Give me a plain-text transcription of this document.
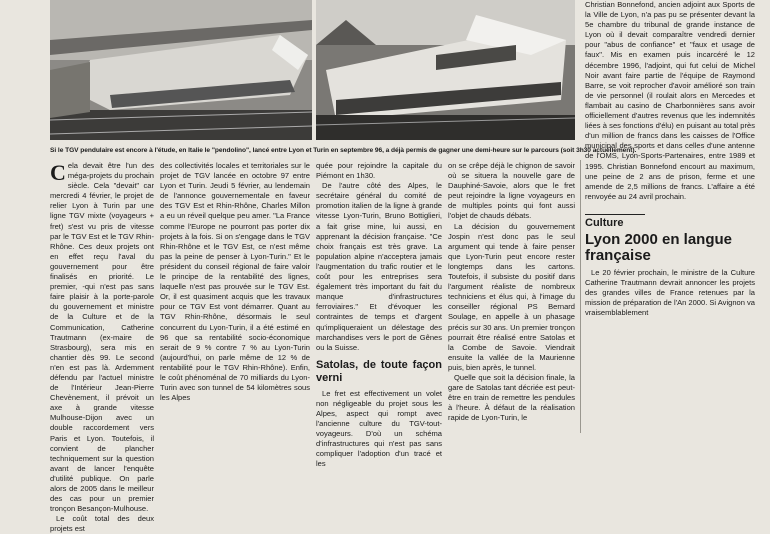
Si le TGV pendulaire est encore à l'étude, en Italie le "pendolino", lancé entre Lyon et Turin en septembre 96, a déjà permis de gagner une demi-heure sur le parcours (soit 3h30 actuellement).
C ela devait être l'un des méga-projets du prochain siècle. Cela "devait" car mercredi 4 février, le projet de relier Lyon à Turin par une ligne TGV mixte (voyageurs + fret) s'est vu pris de vitesse par le TGV Est et le TGV Rhin-Rhône. Ces deux projets ont en effet reçu l'aval du gouvernement pour être finalisés en priorité. Le premier, -qui n'est pas sans faire plaisir à la porte-parole du gouvernement et ministre de la Culture et de la Communication, Catherine Trautmann (ex-maire de Strasbourg), sera mis en chantier dès 99. Le second n'en est pas là. Ardemment défendu par l'actuel ministre de l'Intérieur Jean-Pierre Chevènement, il prévoit un axe à grande vitesse Mulhouse-Dijon avec un double raccordement vers Paris et Lyon. Toutefois, il convient de plancher techniquement sur la question avant de lancer l'enquête d'utilité publique. On parle alors de 2005 dans le meilleur des cas pour un premier tronçon Besançon-Mulhouse.

Le coût total des deux projets est

des collectivités locales et territoriales sur le projet de TGV lancée en octobre 97 entre Lyon et Turin. Jeudi 5 février, au lendemain de l'annonce gouvernementale en faveur des TGV Est et Rhin-Rhône, Charles Millon a eu un réveil quelque peu amer. "La France comme l'Europe ne pourront pas porter dix projets à la fois. Si on s'engage dans le TGV Rhin-Rhône et le TGV Est, ce n'est même pas la peine de penser à Lyon-Turin." Et le président du conseil régional de faire valoir le principe de la rentabilité des lignes, laquelle n'est pas prouvée sur le TGV Est. Or, il est quasiment acquis que les travaux pour ce TGV Est vont démarrer. Quant au TGV Rhin-Rhône, désormais le seul concurrent du Lyon-Turin, il a été estimé en 96 que sa rentabilité socio-économique serait de 9 % contre 7 % au Lyon-Turin (aujourd'hui, on parle même de 12 % de rentabilité pour le TGV Rhin-Rhône). Enfin, le coût phénoménal de 70 milliards du Lyon-Turin avec son tunnel de 54 kilomètres sous les Alpes

quée pour rejoindre la capitale du Piémont en 1h30.

De l'autre côté des Alpes, le secrétaire général du comité de promotion italien de la ligne à grande vitesse Lyon-Turin, Bruno Bottiglieri, a fait grise mine, lui aussi, en apprenant la décision française. "Ce choix français est très grave. La population alpine n'acceptera jamais l'augmentation du trafic routier et le coût pour les entreprises sera également très important du fait du manque d'infrastructures ferroviaires." Et d'évoquer les contraintes de temps et d'argent qu'impliqueraient un délestage des marchandises vers le port de Gênes ou la Suisse.

Satolas, de toute façon verni

Le fret est effectivement un volet non négligeable du projet sous les Alpes, aspect qui rompt avec l'ancienne culture du TGV-tout-voyageurs. D'où un schéma d'infrastructures qui n'est pas sans compliquer l'adoption d'un tracé et les

on se crêpe déjà le chignon de savoir où se situera la nouvelle gare de Dauphiné-Savoie, alors que le fret peut rejoindre la ligne voyageurs en de multiples points qui font aussi l'objet de chauds débats.

La décision du gouvernement Jospin n'est donc pas le seul argument qui tende à faire penser que Lyon-Turin peut encore rester longtemps dans les cartons. Toutefois, il subsiste du positif dans l'argument réaliste de nombreux techniciens et élus qui, à l'image du conseiller régional PS Bernard Soulage, en appelle à un phasage précis sur 30 ans. Un premier tronçon pourrait être réalisé entre Satolas et la Combe de Savoie. Viendrait ensuite la vallée de la Maurienne puis, bien après, le tunnel.

Quelle que soit la décision finale, la gare de Satolas tant décriée est peut-être en train de remettre les pendules à l'heure. À défaut de la réalisation rapide de Lyon-Turin, le

Christian Bonnefond, ancien adjoint aux Sports de la Ville de Lyon, n'a pas pu se présenter devant la 5e chambre du tribunal de grande instance de Lyon où il devait comparaître vendredi dernier pour "abus de confiance" et "faux et usage de faux". Mis en examen puis incarcéré le 12 décembre 1996, l'adjoint, qui fut celui de Michel Noir avant faire partie de l'équipe de Raymond Barre, se voit reprocher d'avoir amélioré son train de vie personnel (il roulait alors en Mercedes et flambait au casino de Charbonnières sans avoir officiellement d'autres revenus que les indemnités liées à ses fonctions d'élu) en puisant au total près d'un million de francs dans les caisses de l'Office municipal des sports et dans celles d'une antenne de l'OMS, Lyon-Sports-Partenaires, entre 1989 et 1995. Christian Bonnefond encourt au maximum, une peine de 2 ans de prison, ferme et une amende de 2,5 millions de francs. L'affaire a été renvoyée au 24 avril prochain.

Culture
Lyon 2000 en langue française

Le 20 février prochain, le ministre de la Culture Catherine Trautmann devrait annoncer les projets des grandes villes de France retenues par la mission de préparation de l'An 2000. Si Avignon va vraisemblablement
